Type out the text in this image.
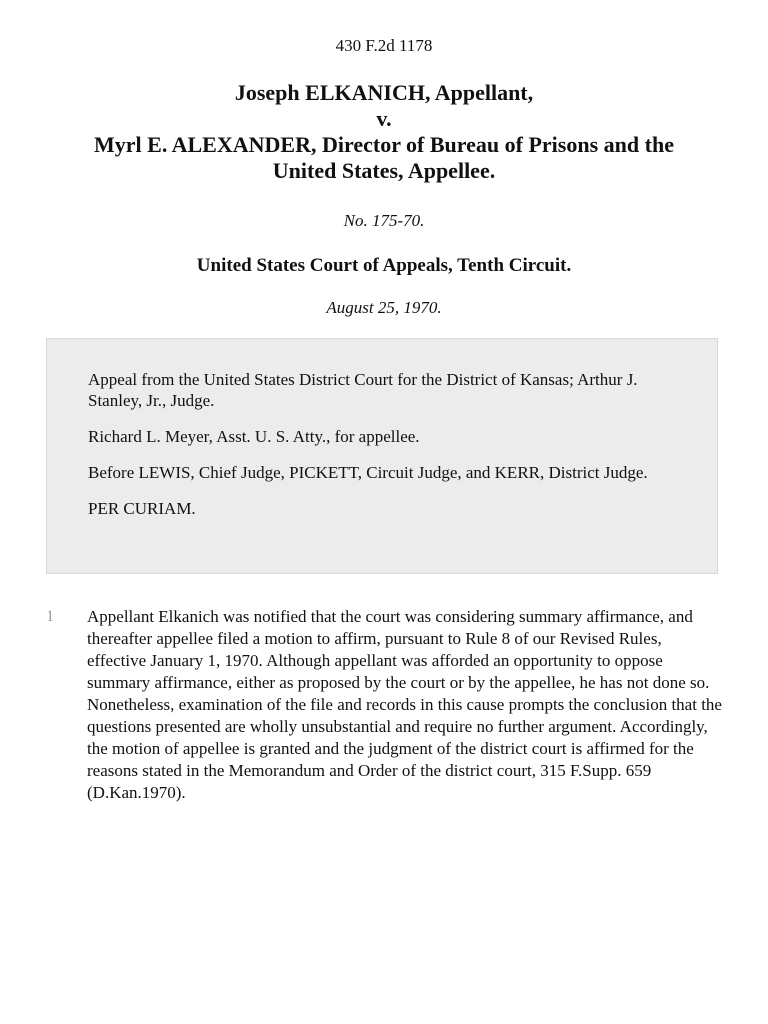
430 F.2d 1178
Joseph ELKANICH, Appellant,
v.
Myrl E. ALEXANDER, Director of Bureau of Prisons and the
United States, Appellee.
No. 175-70.
United States Court of Appeals, Tenth Circuit.
August 25, 1970.

Appeal from the United States District Court for the District of Kansas; Arthur J. Stanley, Jr., Judge.

Richard L. Meyer, Asst. U. S. Atty., for appellee.

Before LEWIS, Chief Judge, PICKETT, Circuit Judge, and KERR, District Judge.

PER CURIAM.

1 Appellant Elkanich was notified that the court was considering summary affirmance, and thereafter appellee filed a motion to affirm, pursuant to Rule 8 of our Revised Rules, effective January 1, 1970. Although appellant was afforded an opportunity to oppose summary affirmance, either as proposed by the court or by the appellee, he has not done so. Nonetheless, examination of the file and records in this cause prompts the conclusion that the questions presented are wholly unsubstantial and require no further argument. Accordingly, the motion of appellee is granted and the judgment of the district court is affirmed for the reasons stated in the Memorandum and Order of the district court, 315 F.Supp. 659 (D.Kan.1970).
